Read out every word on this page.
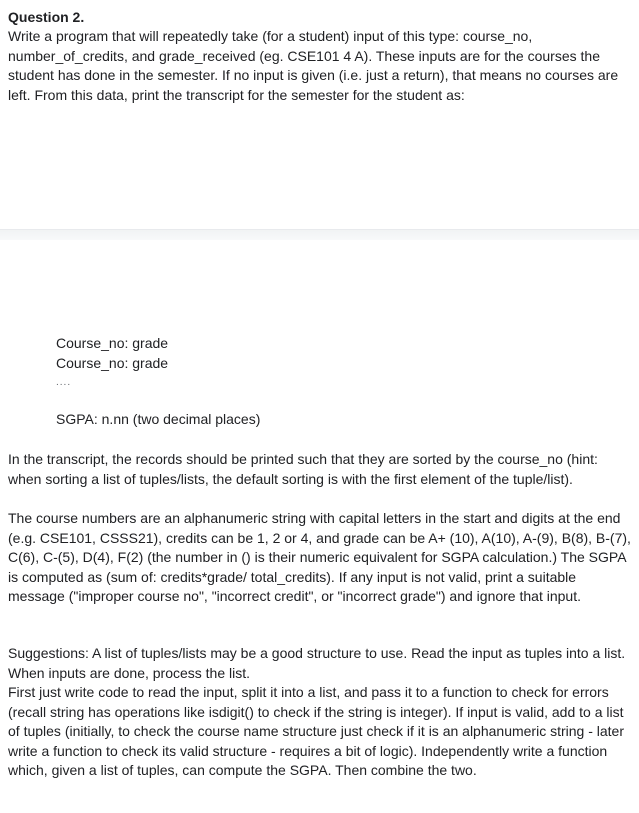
Question 2.
Write a program that will repeatedly take (for a student) input of this type: course_no, number_of_credits, and grade_received (eg. CSE101 4 A). These inputs are for the courses the student has done in the semester. If no input is given (i.e. just a return), that means no courses are left. From this data, print the transcript for the semester for the student as:
Course_no: grade
Course_no: grade
....
SGPA: n.nn (two decimal places)
In the transcript, the records should be printed such that they are sorted by the course_no (hint: when sorting a list of tuples/lists, the default sorting is with the first element of the tuple/list).
The course numbers are an alphanumeric string with capital letters in the start and digits at the end (e.g. CSE101, CSSS21), credits can be 1, 2 or 4, and grade can be A+ (10), A(10), A-(9), B(8), B-(7), C(6), C-(5), D(4), F(2) (the number in () is their numeric equivalent for SGPA calculation.) The SGPA is computed as (sum of: credits*grade/ total_credits). If any input is not valid, print a suitable message ("improper course no", "incorrect credit", or "incorrect grade") and ignore that input.
Suggestions: A list of tuples/lists may be a good structure to use. Read the input as tuples into a list. When inputs are done, process the list.
First just write code to read the input, split it into a list, and pass it to a function to check for errors (recall string has operations like isdigit() to check if the string is integer). If input is valid, add to a list of tuples (initially, to check the course name structure just check if it is an alphanumeric string - later write a function to check its valid structure - requires a bit of logic). Independently write a function which, given a list of tuples, can compute the SGPA. Then combine the two.
